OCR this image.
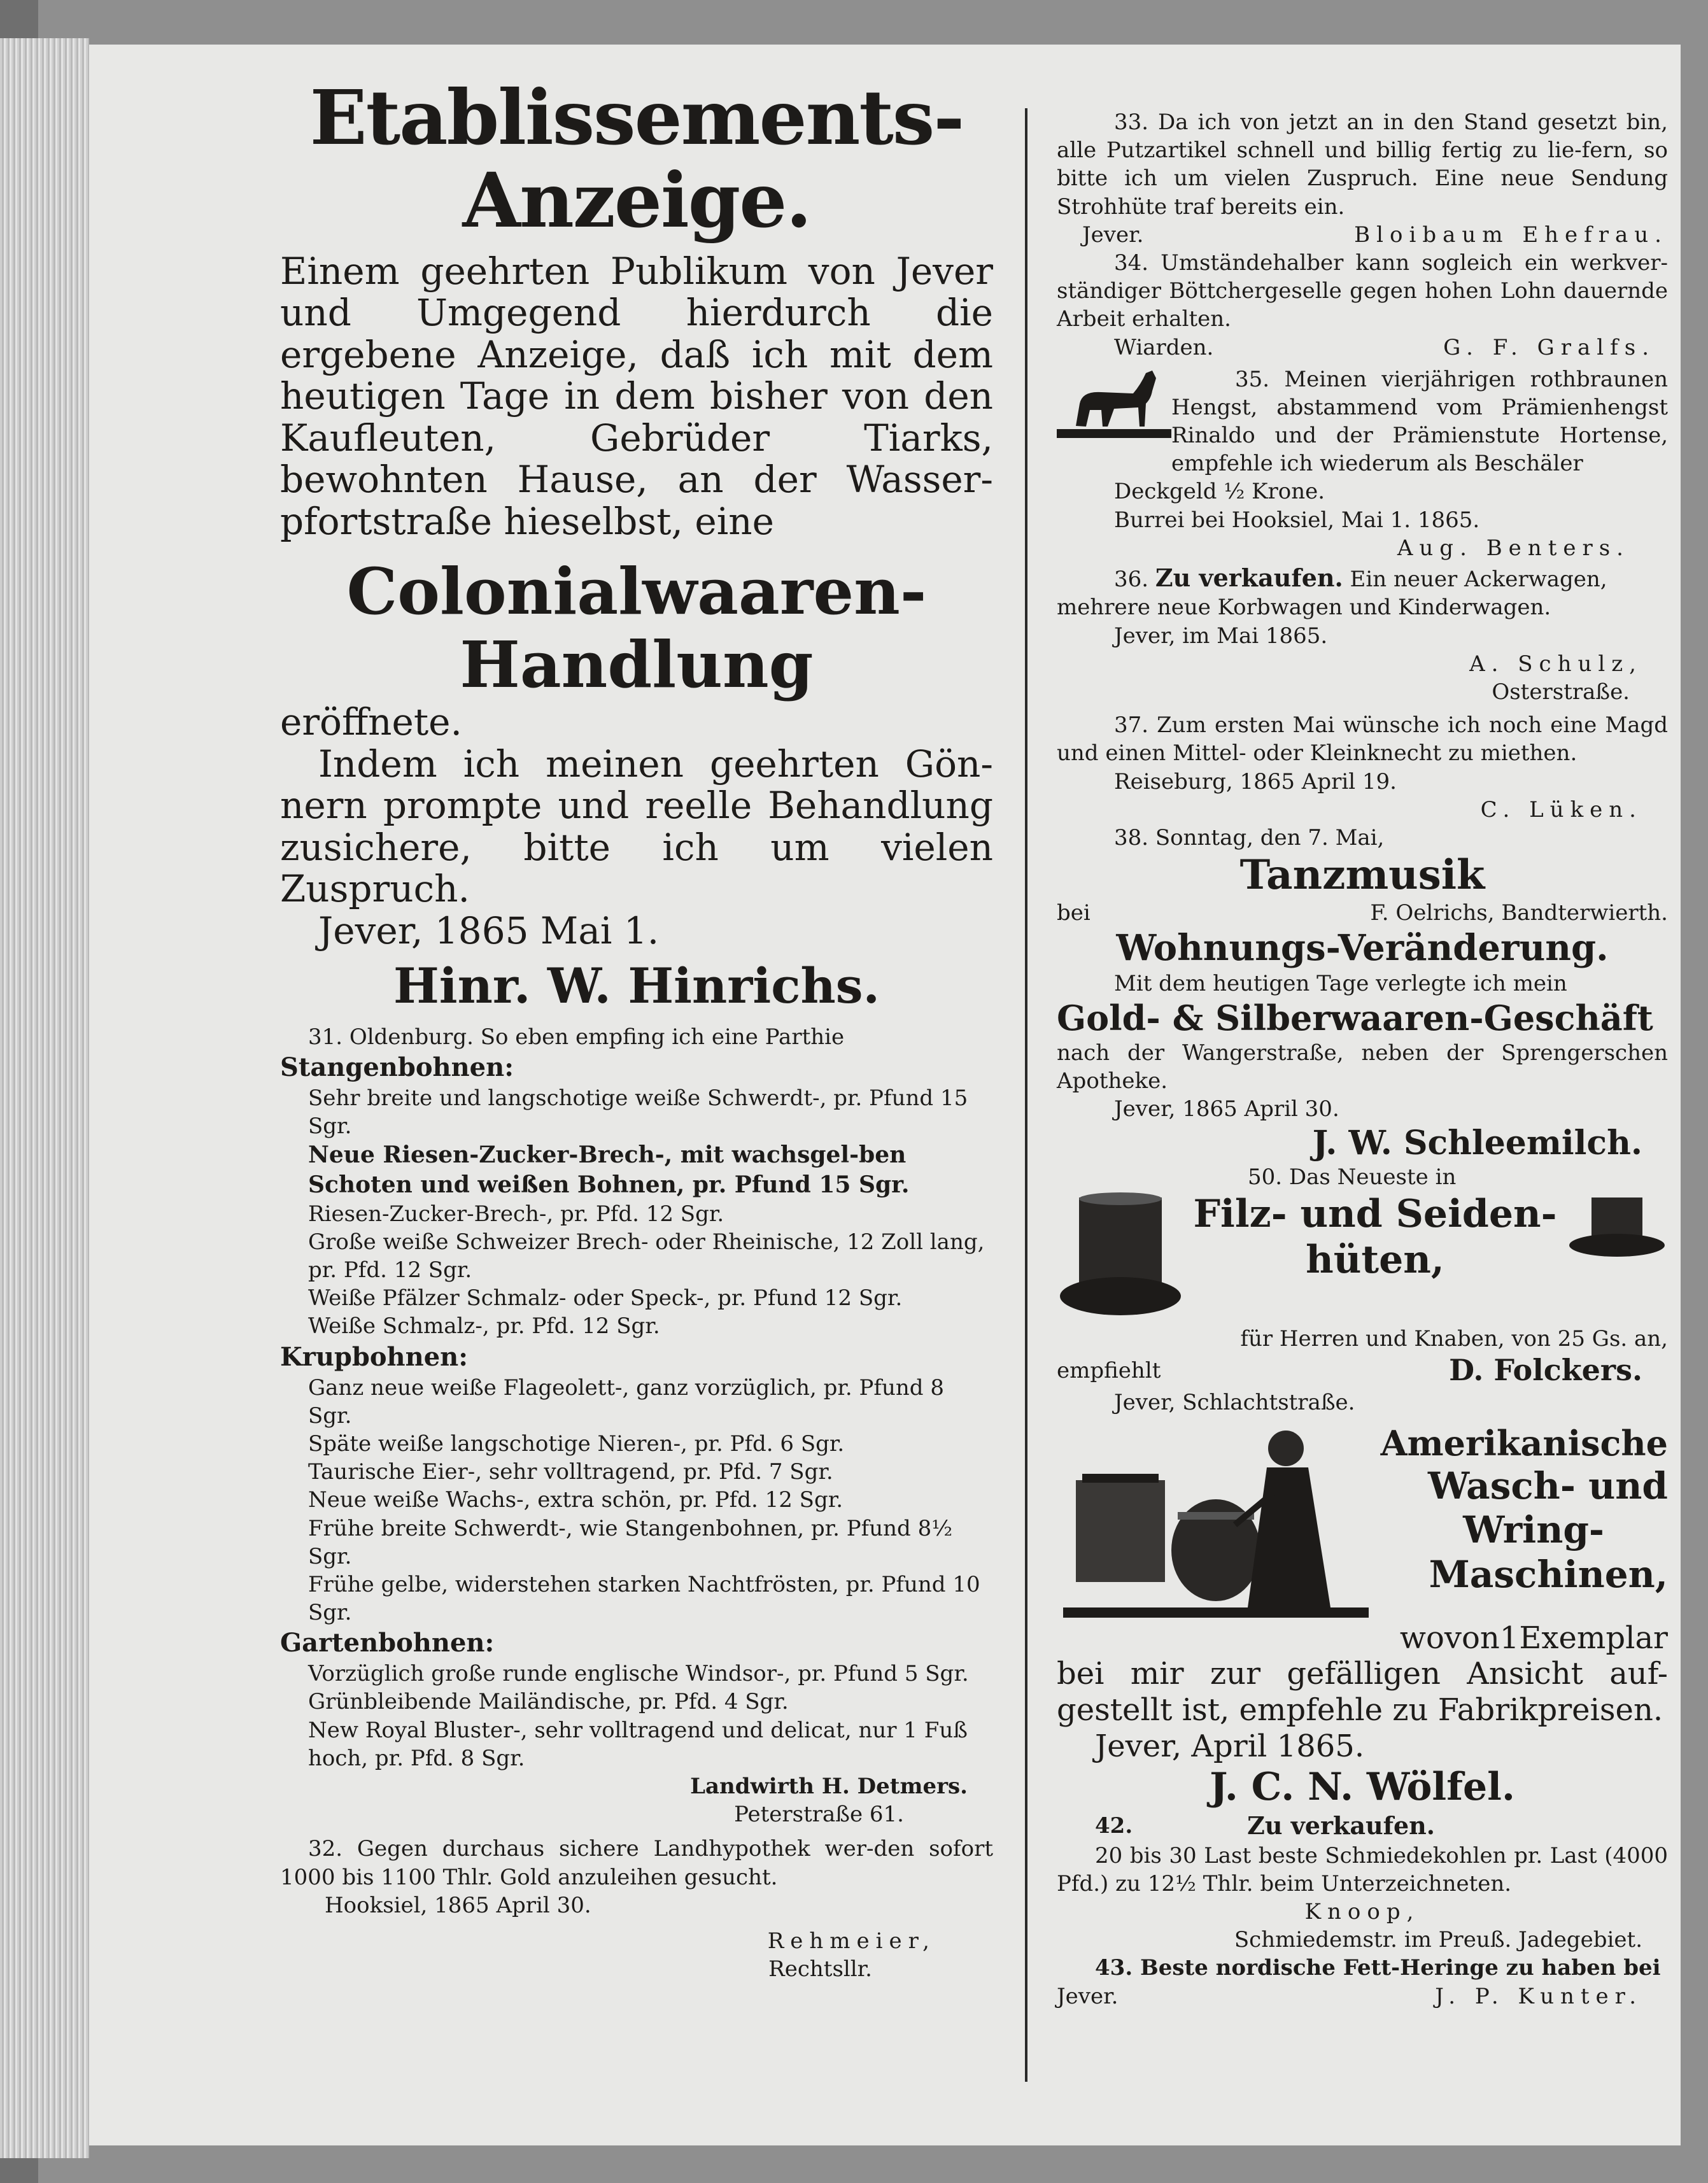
Etablissements-Anzeige.

Einem geehrten Publikum von Jever und Umgegend hierdurch die ergebene Anzeige, daß ich mit dem heutigen Tage in dem bisher von den Kaufleuten, Gebrüder Tiarks, bewohnten Hause, an der Wasser-pfortstraße hieselbst, eine

Colonialwaaren-

Handlung

eröffnete.

Indem ich meinen geehrten Gön-nern prompte und reelle Behandlung zusichere, bitte ich um vielen Zuspruch.

Jever, 1865 Mai 1.

Hinr. W. Hinrichs.

31. Oldenburg. So eben empfing ich eine Parthie

Stangenbohnen:

Sehr breite und langschotige weiße Schwerdt-, pr. Pfund 15 Sgr.

Neue Riesen-Zucker-Brech-, mit wachsgel-ben Schoten und weißen Bohnen, pr. Pfund 15 Sgr.

Riesen-Zucker-Brech-, pr. Pfd. 12 Sgr.

Große weiße Schweizer Brech- oder Rheinische, 12 Zoll lang, pr. Pfd. 12 Sgr.

Weiße Pfälzer Schmalz- oder Speck-, pr. Pfund 12 Sgr.

Weiße Schmalz-, pr. Pfd. 12 Sgr.

Krupbohnen:

Ganz neue weiße Flageolett-, ganz vorzüglich, pr. Pfund 8 Sgr.

Späte weiße langschotige Nieren-, pr. Pfd. 6 Sgr.

Taurische Eier-, sehr volltragend, pr. Pfd. 7 Sgr.

Neue weiße Wachs-, extra schön, pr. Pfd. 12 Sgr.

Frühe breite Schwerdt-, wie Stangenbohnen, pr. Pfund 8½ Sgr.

Frühe gelbe, widerstehen starken Nachtfrösten, pr. Pfund 10 Sgr.

Gartenbohnen:

Vorzüglich große runde englische Windsor-, pr. Pfund 5 Sgr.

Grünbleibende Mailändische, pr. Pfd. 4 Sgr.

New Royal Bluster-, sehr volltragend und delicat, nur 1 Fuß hoch, pr. Pfd. 8 Sgr.

Landwirth H. Detmers.

Peterstraße 61.

32. Gegen durchaus sichere Landhypothek wer-den sofort 1000 bis 1100 Thlr. Gold anzuleihen gesucht.

Hooksiel, 1865 April 30.

Rehmeier,

Rechtsllr.

33. Da ich von jetzt an in den Stand gesetzt bin, alle Putzartikel schnell und billig fertig zu lie-fern, so bitte ich um vielen Zuspruch. Eine neue Sendung Strohhüte traf bereits ein.

Jever.	Bloibaum Ehefrau.

34. Umständehalber kann sogleich ein werkver-ständiger Böttchergeselle gegen hohen Lohn dauernde Arbeit erhalten.

Wiarden.	G. F. Gralfs.

35. Meinen vierjährigen rothbraunen Hengst, abstammend vom Prämienhengst Rinaldo und der Prämienstute Hortense, empfehle ich wiederum als Beschäler

Deckgeld ½ Krone.

Burrei bei Hooksiel, Mai 1. 1865.

Aug. Benters.

36. Zu verkaufen. Ein neuer Ackerwagen, mehrere neue Korbwagen und Kinderwagen.

Jever, im Mai 1865.

A. Schulz,

Osterstraße.

37. Zum ersten Mai wünsche ich noch eine Magd und einen Mittel- oder Kleinknecht zu miethen.

Reiseburg, 1865 April 19.

C. Lüken.

38. Sonntag, den 7. Mai,

Tanzmusik

bei	F. Oelrichs, Bandterwierth.

Wohnungs-Veränderung.

Mit dem heutigen Tage verlegte ich mein

Gold- & Silberwaaren-Geschäft

nach der Wangerstraße, neben der Sprengerschen Apotheke.

Jever, 1865 April 30.

J. W. Schleemilch.

50. Das Neueste in

Filz- und Seiden-

hüten,

für Herren und Knaben, von 25 Gs. an,

empfiehlt	D. Folckers.

Jever, Schlachtstraße.

Amerikanische

Wasch- und

Wring-

Maschinen,

wovon1Exemplar

bei mir zur gefälligen Ansicht auf-gestellt ist, empfehle zu Fabrikpreisen.

Jever, April 1865.

J. C. N. Wölfel.

42.	Zu verkaufen.

20 bis 30 Last beste Schmiedekohlen pr. Last (4000 Pfd.) zu 12½ Thlr. beim Unterzeichneten.

Knoop,

Schmiedemstr. im Preuß. Jadegebiet.

43. Beste nordische Fett-Heringe zu haben bei

Jever.	J. P. Kunter.
